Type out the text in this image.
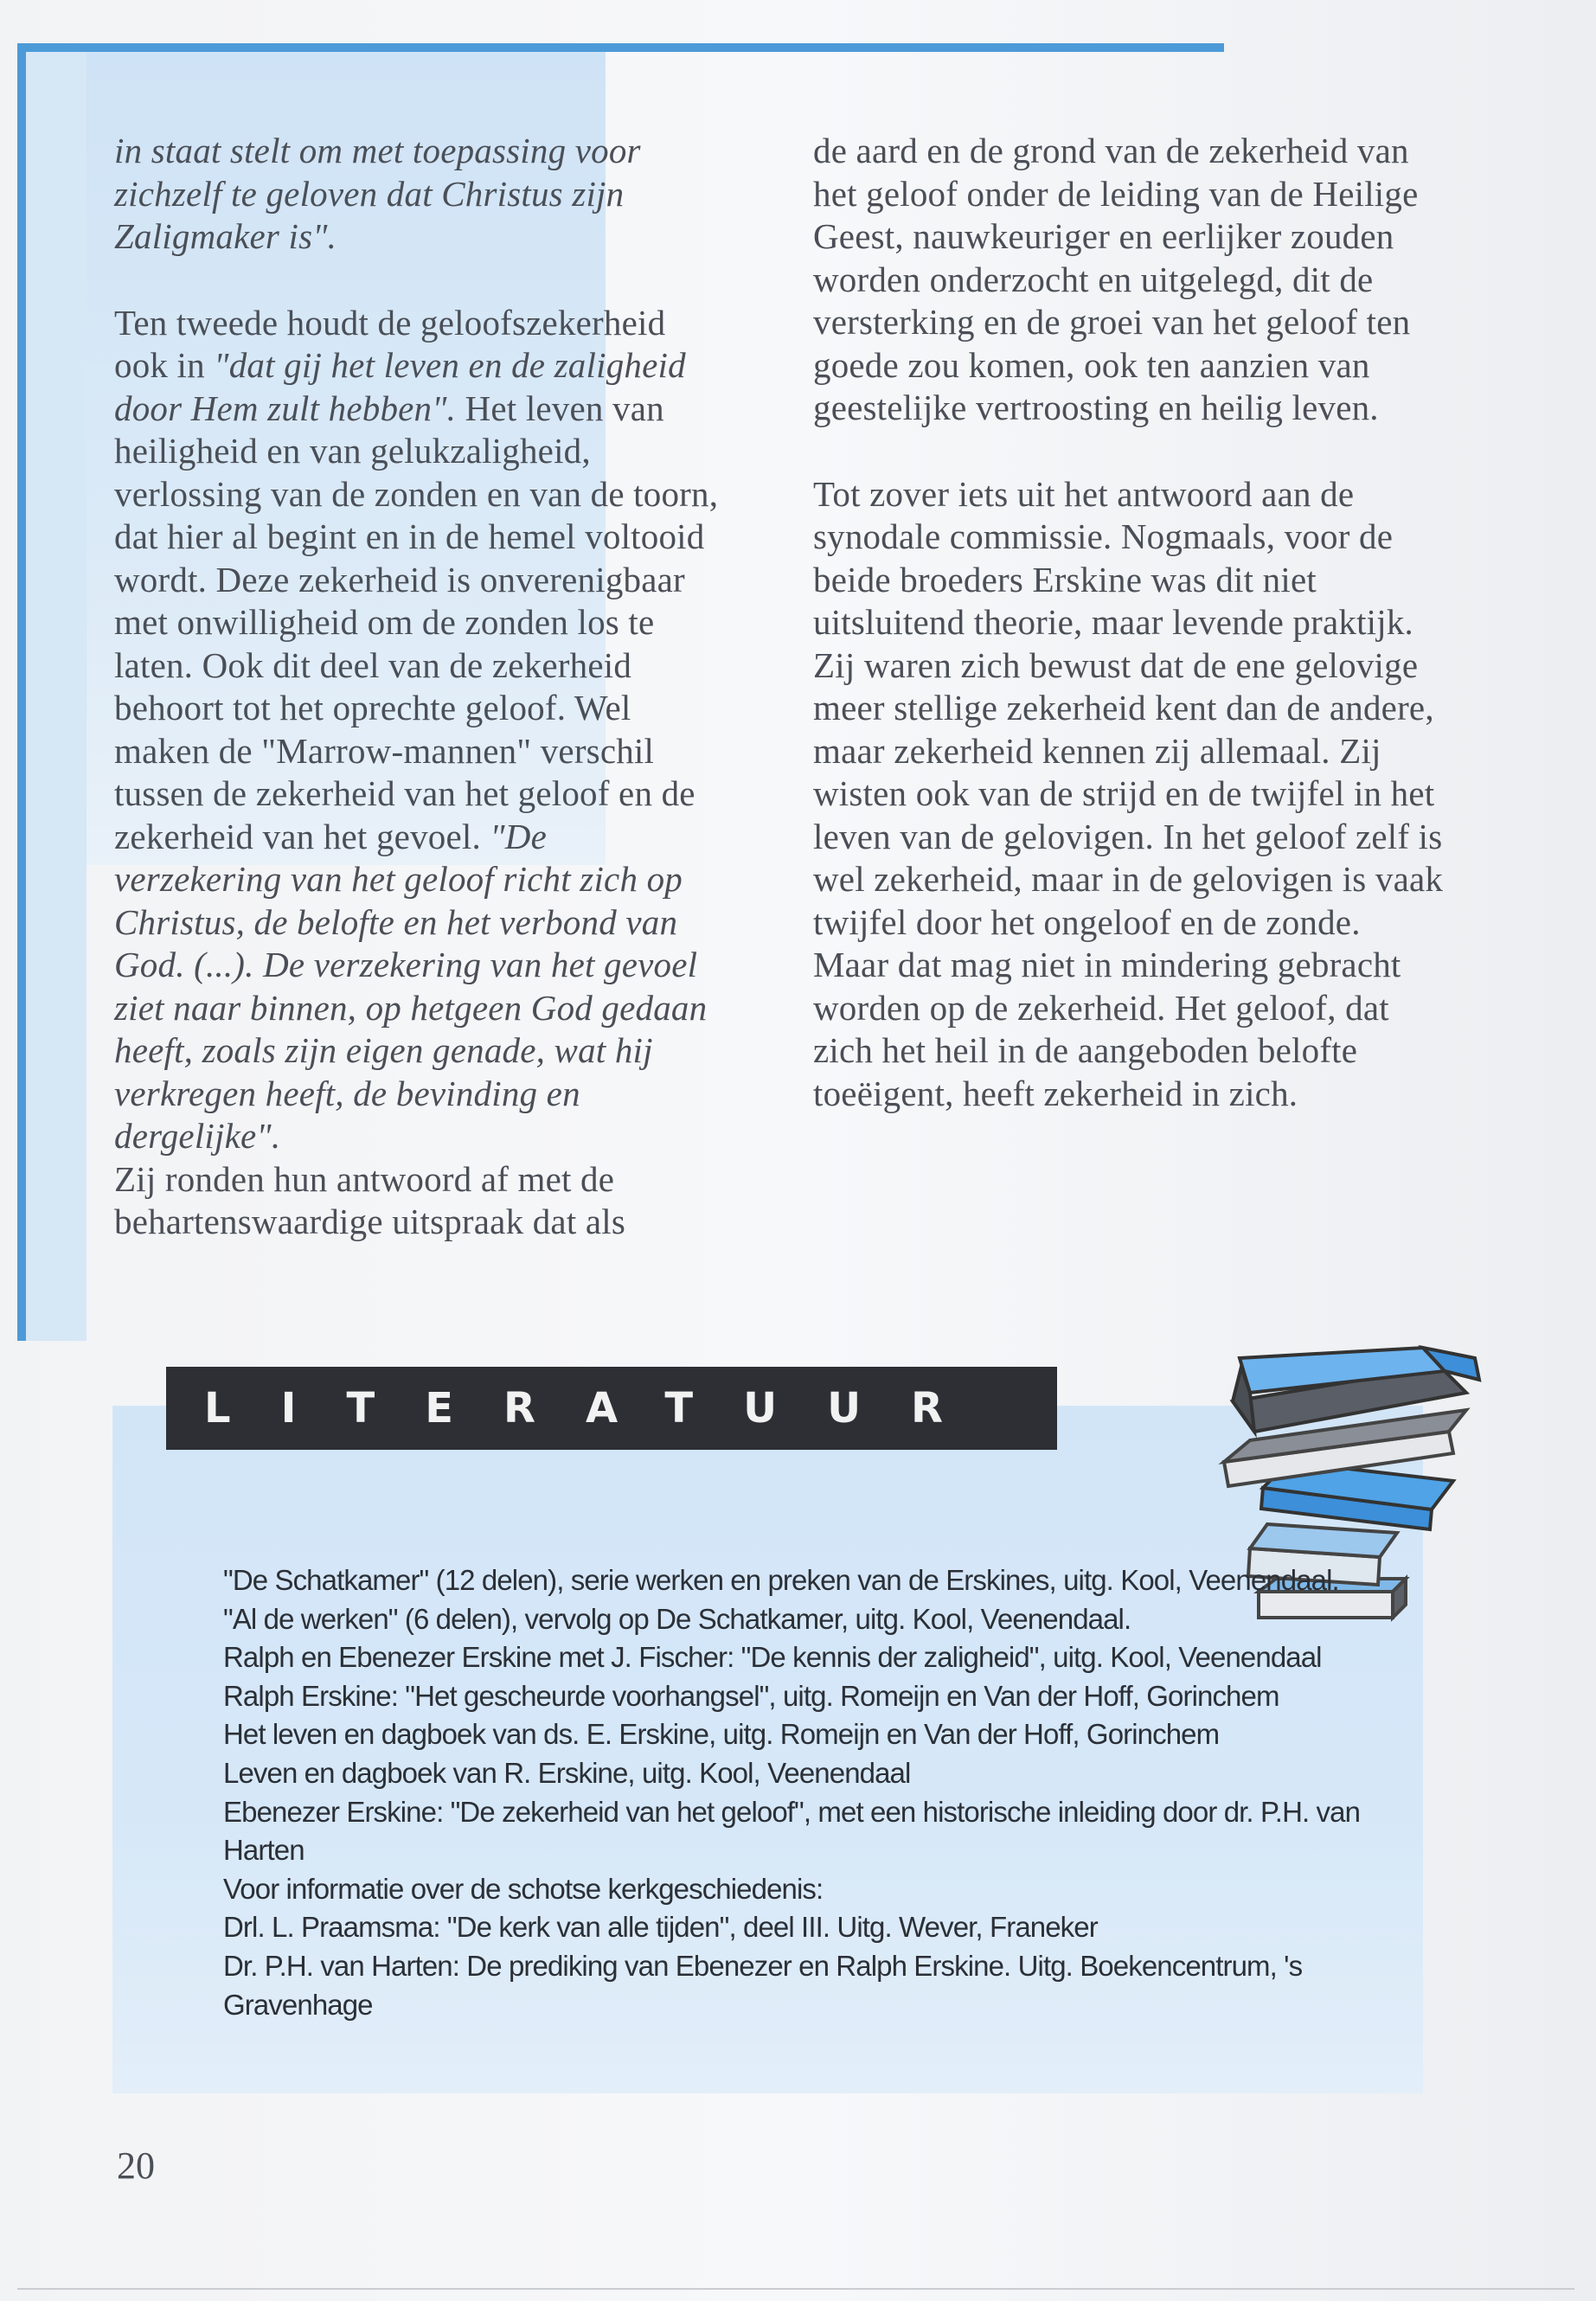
in staat stelt om met toepassing voor zichzelf te geloven dat Christus zijn Zaligmaker is".

Ten tweede houdt de geloofszekerheid ook in "dat gij het leven en de zaligheid door Hem zult hebben". Het leven van heiligheid en van gelukzaligheid, verlossing van de zonden en van de toorn, dat hier al begint en in de hemel voltooid wordt. Deze zekerheid is onverenigbaar met onwilligheid om de zonden los te laten. Ook dit deel van de zekerheid behoort tot het oprechte geloof. Wel maken de "Marrow-mannen" verschil tussen de zekerheid van het geloof en de zekerheid van het gevoel. "De verzekering van het geloof richt zich op Christus, de belofte en het verbond van God. (...). De verzekering van het gevoel ziet naar binnen, op hetgeen God gedaan heeft, zoals zijn eigen genade, wat hij verkregen heeft, de bevinding en dergelijke".
Zij ronden hun antwoord af met de behartenswaardige uitspraak dat als

de aard en de grond van de zekerheid van het geloof onder de leiding van de Heilige Geest, nauwkeuriger en eerlijker zouden worden onderzocht en uitgelegd, dit de versterking en de groei van het geloof ten goede zou komen, ook ten aanzien van geestelijke vertroosting en heilig leven.

Tot zover iets uit het antwoord aan de synodale commissie. Nogmaals, voor de beide broeders Erskine was dit niet uitsluitend theorie, maar levende praktijk. Zij waren zich bewust dat de ene gelovige meer stellige zekerheid kent dan de andere, maar zekerheid kennen zij allemaal. Zij wisten ook van de strijd en de twijfel in het leven van de gelovigen. In het geloof zelf is wel zekerheid, maar in de gelovigen is vaak twijfel door het ongeloof en de zonde. Maar dat mag niet in mindering gebracht worden op de zekerheid. Het geloof, dat zich het heil in de aangeboden belofte toeëigent, heeft zekerheid in zich.

LITERATUUR
"De Schatkamer" (12 delen), serie werken en preken van de Erskines, uitg. Kool, Veenendaal.
"Al de werken" (6 delen), vervolg op De Schatkamer, uitg. Kool, Veenendaal.
Ralph en Ebenezer Erskine met J. Fischer: "De kennis der zaligheid", uitg. Kool, Veenendaal
Ralph Erskine: "Het gescheurde voorhangsel", uitg. Romeijn en Van der Hoff, Gorinchem
Het leven en dagboek van ds. E. Erskine, uitg. Romeijn en Van der Hoff, Gorinchem
Leven en dagboek van R. Erskine, uitg. Kool, Veenendaal
Ebenezer Erskine: "De zekerheid van het geloof", met een historische inleiding door dr. P.H. van Harten
Voor informatie over de schotse kerkgeschiedenis:
Drl. L. Praamsma: "De kerk van alle tijden", deel III. Uitg. Wever, Franeker
Dr. P.H. van Harten: De prediking van Ebenezer en Ralph Erskine. Uitg. Boekencentrum, 's Gravenhage
20
